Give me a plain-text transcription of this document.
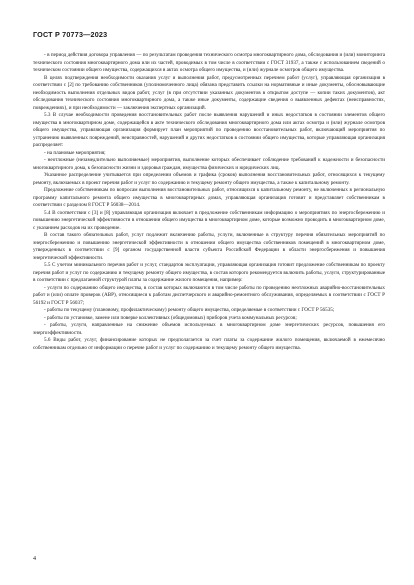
ГОСТ Р 70773—2023

- в период действия договора управления — по результатам проведения технического осмотра многоквартирного дома, обследования и (или) мониторинга технического состояния многоквартирного дома или их частей, проводимых в том числе в соответствии с ГОСТ 31937, а также с использованием сведений о техническом состоянии общего имущества, содержащихся в актах осмотра общего имущества, и (или) журнале осмотров общего имущества.

В целях подтверждения необходимости оказания услуг и выполнения работ, предусмотренных перечнем работ (услуг), управляющая организация в соответствии с [2] по требованию собственников (уполномоченного лица) обязана представить ссылки на нормативные и иные документы, обосновывающие необходимость выполнения отдельных видов работ, услуг (в при отсутствии указанных документов в открытом доступе — копии таких документов), акт обследования технического состояния многоквартирного дома, а также иные документы, содержащие сведения о выявленных дефектах (неисправностях, повреждениях), и при необходимости — заключения экспертных организаций.

5.3 В случае необходимости проведения восстановительных работ после выявления нарушений и иных недостатков в состоянии элементов общего имущества в многоквартирном доме, содержащейся в акте технического обследования многоквартирного дома или актах осмотра и (или) журнале осмотров общего имущества, управляющая организация формирует план мероприятий по проведению восстановительных работ, включающий мероприятия по устранению выявленных повреждений, неисправностей, нарушений и других недостатков в состоянии общего имущества, которые управляющая организация распределяет:

- на плановые мероприятия;

- неотложные (незамедлительно выполняемые) мероприятия, выполнение которых обеспечивает соблюдение требований к надежности и безопасности многоквартирного дома, к безопасности жизни и здоровья граждан, имущества физических и юридических лиц.

Указанное распределение учитывается при определении объемов и графика (сроков) выполнения восстановительных работ, относящихся к текущему ремонту, включаемых в проект перечня работ и услуг по содержанию и текущему ремонту общего имущества, а также к капитальному ремонту.

Предложение собственникам по вопросам выполнения восстановительных работ, относящихся к капитальному ремонту, не включенных в региональную программу капитального ремонта общего имущества в многоквартирных домах, управляющая организация готовит и представляет собственникам в соответствии с разделом 8 ГОСТ Р 56038—2014.

5.4 В соответствии с [3] и [8] управляющая организация включает в предложение собственникам информацию о мероприятиях по энергосбережению и повышению энергетической эффективности в отношении общего имущества в многоквартирном доме, которые возможно проводить в многоквартирном доме, с указанием расходов на их проведение.

В состав такого обязательных работ, услуг подлежит включению работы, услуги, включенные в структуру перечня обязательных мероприятий по энергосбережению и повышению энергетической эффективности в отношении общего имущества собственников помещений в многоквартирном доме, утвержденных в соответствии с [9] органом государственной власти субъекта Российской Федерации в области энергосбережения и повышения энергетической эффективности.

5.5 С учетом минимального перечня работ и услуг, стандартов эксплуатации, управляющая организация готовит предложение собственникам по проекту перечня работ и услуг по содержанию и текущему ремонту общего имущества, в состав которого рекомендуется включить работы, услуги, структурированные в соответствии с предлагаемой структурой платы за содержание жилого помещения, например:

- услуги по содержанию общего имущества, в состав которых включаются в том числе работы по проведению неотложных аварийно-восстановительных работ и (или) оплате проверок (АВР), относящиеся к работам диспетчерского и аварийно-ремонтного обслуживания, определяемых в соответствии с ГОСТ Р 56192 и ГОСТ Р 56037;

- работы по текущему (плановому, профилактическому) ремонту общего имущества, определяемые в соответствии с ГОСТ Р 56535;

- работы по установке, замене или поверке коллективных (общедомовых) приборов учета коммунальных ресурсов;

- работы, услуги, направленные на снижение объемов используемых в многоквартирном доме энергетических ресурсов, повышения его энергоэффективности.

5.6 Виды работ, услуг, финансирование которых не предполагается за счет платы за содержание жилого помещения, включаемой в ежемесячно собственникам отдельно от информации о перечне работ и услуг по содержанию и текущему ремонту общего имущества.

4
